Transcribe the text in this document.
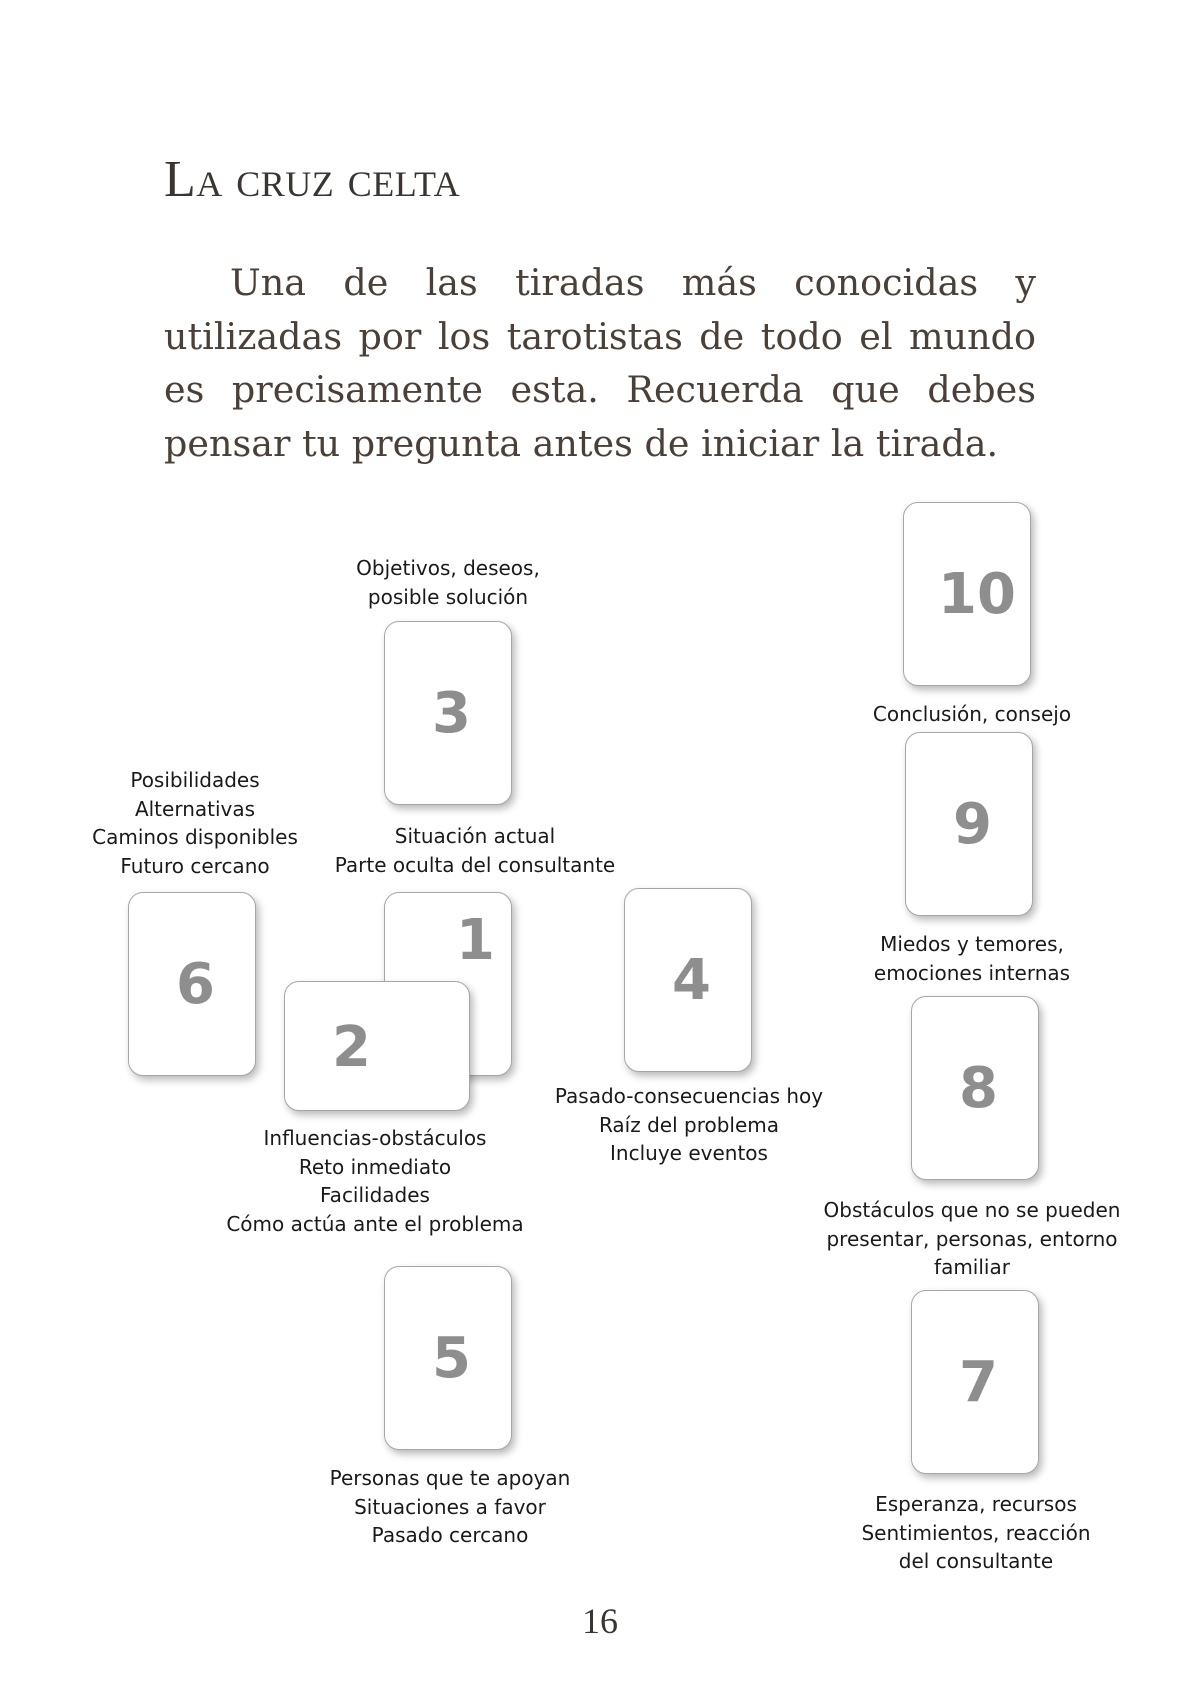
La cruz celta

Una de las tiradas más conocidas y utilizadas por los tarotistas de todo el mundo es precisamente esta. Recuerda que debes pensar tu pregunta antes de iniciar la tirada.

10
Conclusión, consejo
9
Miedos y temores,
emociones internas
8
Obstáculos que no se pueden
presentar, personas, entorno
familiar
7
Esperanza, recursos
Sentimientos, reacción
del consultante
Objetivos, deseos,
posible solución
3
Posibilidades
Alternativas
Caminos disponibles
Futuro cercano
6
Situación actual
Parte oculta del consultante
1
2
Influencias-obstáculos
Reto inmediato
Facilidades
Cómo actúa ante el problema
4
Pasado-consecuencias hoy
Raíz del problema
Incluye eventos
5
Personas que te apoyan
Situaciones a favor
Pasado cercano
16
